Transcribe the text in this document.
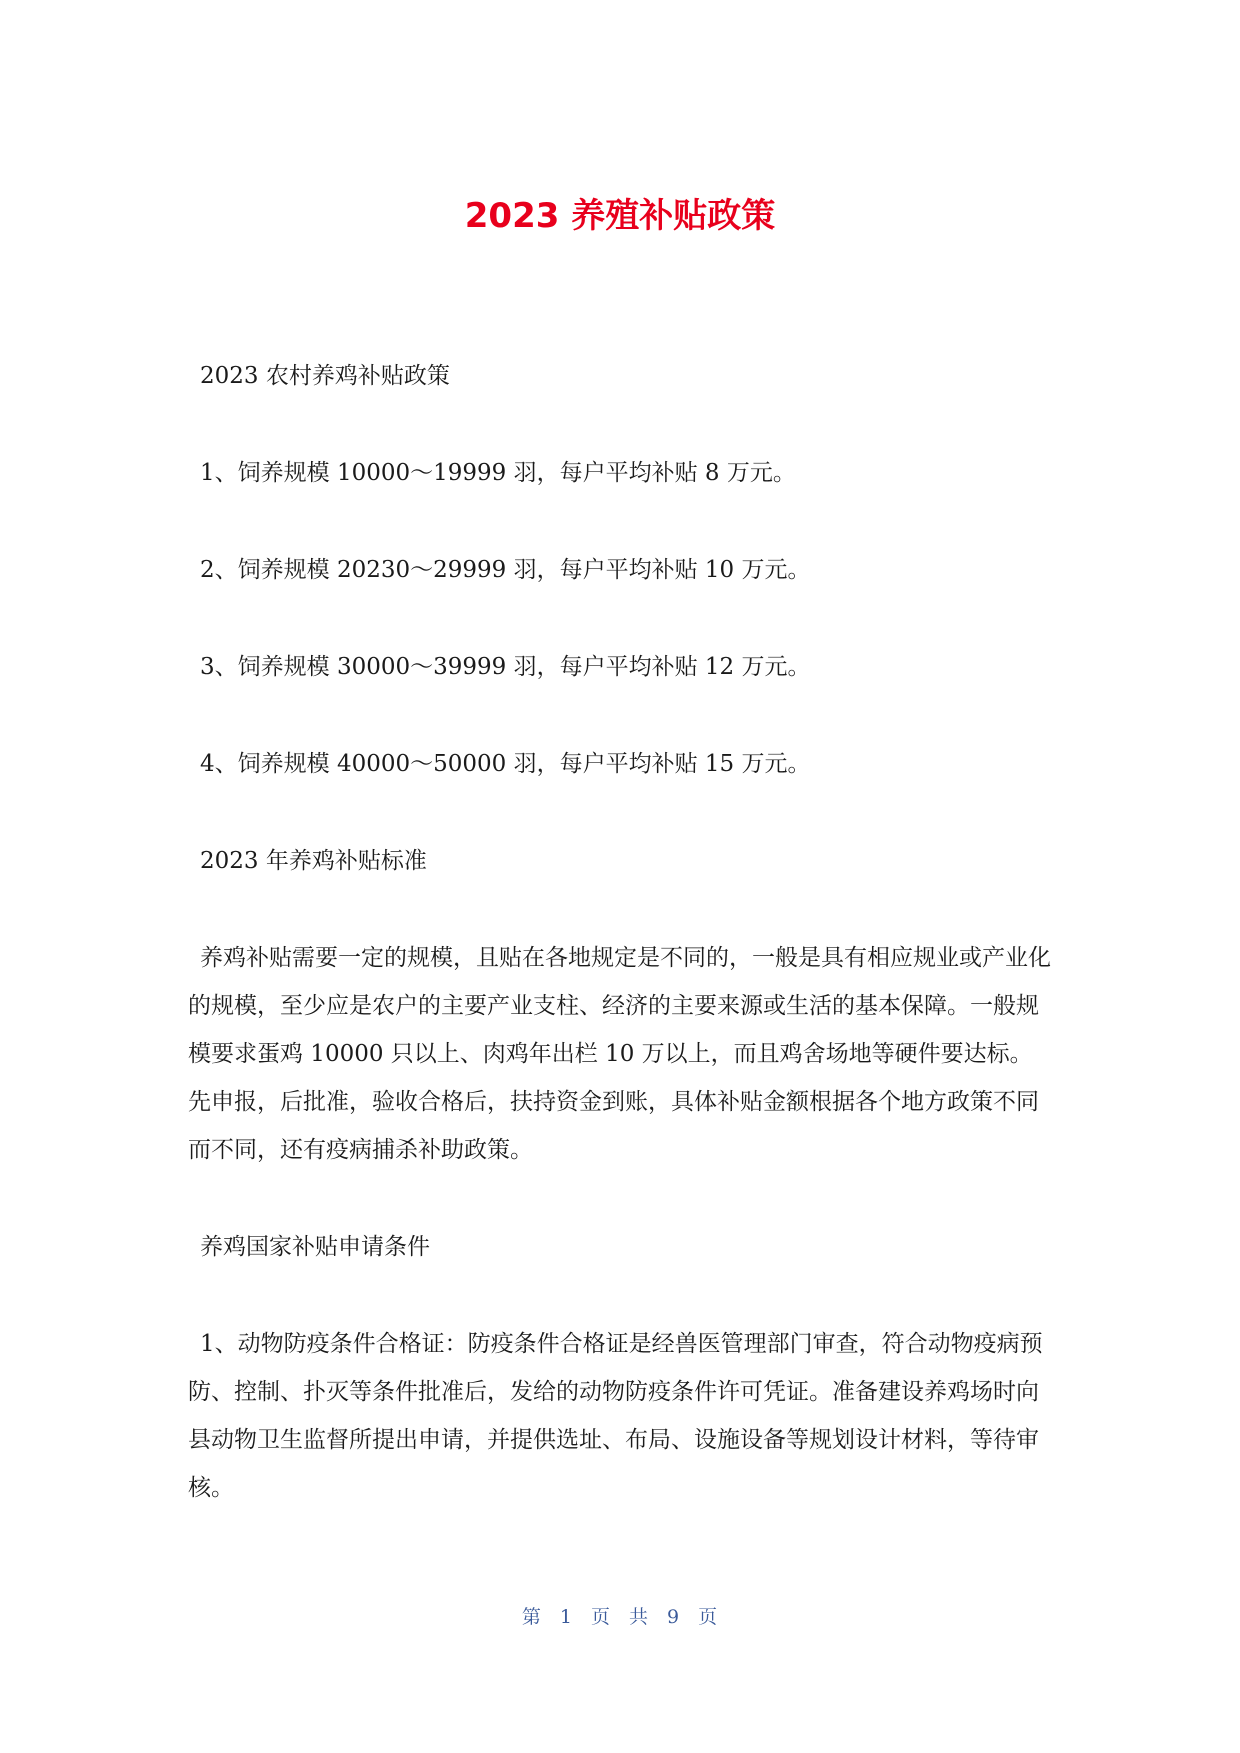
2023 养殖补贴政策

2023 农村养鸡补贴政策

1、饲养规模 10000～19999 羽，每户平均补贴 8 万元。

2、饲养规模 20230～29999 羽，每户平均补贴 10 万元。

3、饲养规模 30000～39999 羽，每户平均补贴 12 万元。

4、饲养规模 40000～50000 羽，每户平均补贴 15 万元。

2023 年养鸡补贴标准

养鸡补贴需要一定的规模，且贴在各地规定是不同的，一般是具有相应规业或产业化的规模，至少应是农户的主要产业支柱、经济的主要来源或生活的基本保障。一般规模要求蛋鸡 10000 只以上、肉鸡年出栏 10 万以上，而且鸡舍场地等硬件要达标。先申报，后批准，验收合格后，扶持资金到账，具体补贴金额根据各个地方政策不同而不同，还有疫病捕杀补助政策。

养鸡国家补贴申请条件

1、动物防疫条件合格证：防疫条件合格证是经兽医管理部门审查，符合动物疫病预防、控制、扑灭等条件批准后，发给的动物防疫条件许可凭证。准备建设养鸡场时向县动物卫生监督所提出申请，并提供选址、布局、设施设备等规划设计材料，等待审核。

第 1 页 共 9 页
